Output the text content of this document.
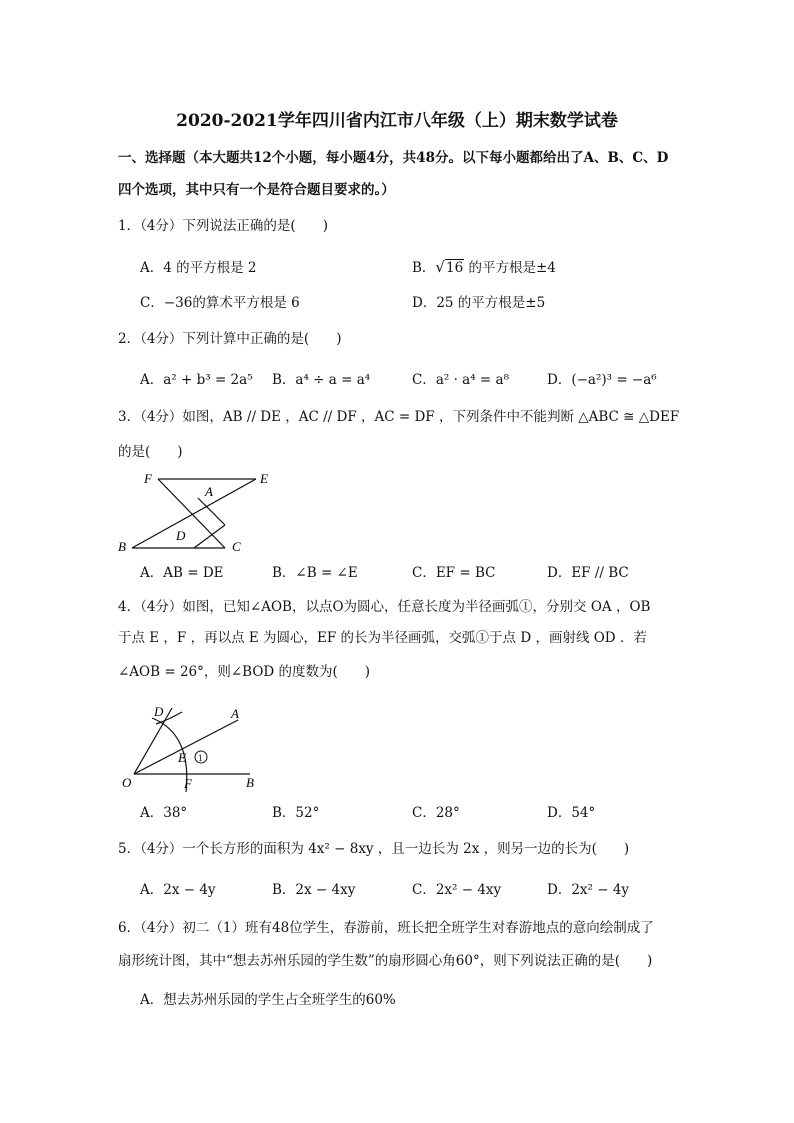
2020-2021学年四川省内江市八年级（上）期末数学试卷
一、选择题（本大题共12个小题，每小题4分，共48分。以下每小题都给出了A、B、C、D
四个选项，其中只有一个是符合题目要求的。）
1．（4分）下列说法正确的是(　　)
A．4 的平方根是 2	B．√16 的平方根是±4
C．−36的算术平方根是 6	D．25 的平方根是±5
2．（4分）下列计算中正确的是(　　)
A．a² + b³ = 2a⁵ B．a⁴ ÷ a = a⁴	C．a² · a⁴ = a⁸	D．(−a²)³ = −a⁶
3．（4分）如图，AB // DE ，AC // DF ，AC = DF ，下列条件中不能判断 △ABC ≅ △DEF
的是(　　)
F	E
A
D
B	C
A．AB = DE	B．∠B = ∠E	C．EF = BC	D．EF // BC
4．（4分）如图，已知∠AOB，以点O为圆心，任意长度为半径画弧①，分别交 OA ，OB
于点 E ，F ，再以点 E 为圆心，EF 的长为半径画弧，交弧①于点 D ，画射线 OD ．若
∠AOB = 26°，则∠BOD 的度数为(　　)
1
D	A
E
O	F	B
A．38°	B．52°	C．28°	D．54°
5．（4分）一个长方形的面积为 4x² − 8xy ，且一边长为 2x ，则另一边的长为(　　)
A．2x − 4y	B．2x − 4xy	C．2x² − 4xy	D．2x² − 4y
6．（4分）初二（1）班有48位学生，春游前，班长把全班学生对春游地点的意向绘制成了
扇形统计图，其中“想去苏州乐园的学生数”的扇形圆心角60°，则下列说法正确的是(　　)
A．想去苏州乐园的学生占全班学生的60%
